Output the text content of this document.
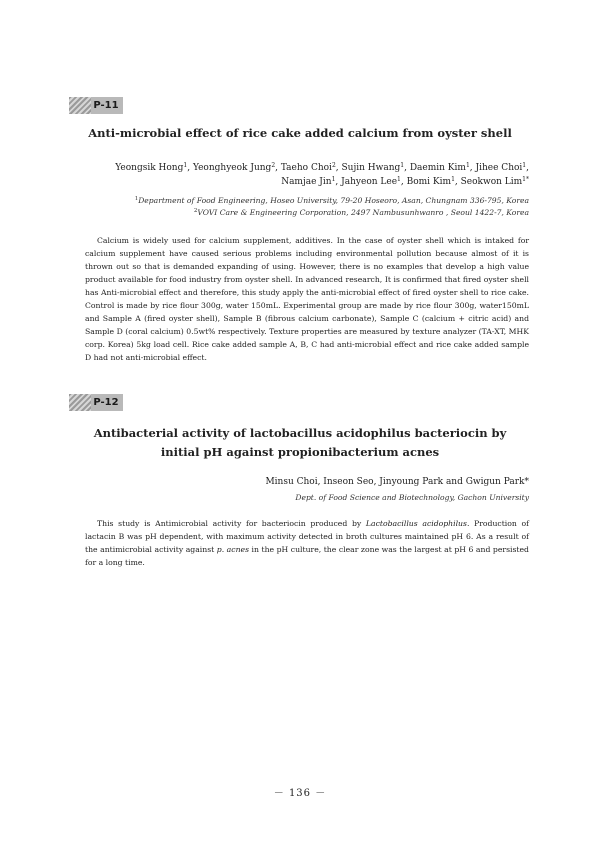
P-11
Anti-microbial effect of rice cake added calcium from oyster shell
Yeongsik Hong$^1$, Yeonghyeok Jung$^2$, Taeho Choi$^2$, Sujin Hwang$^1$, Daemin Kim$^1$, Jihee Choi$^1$,
Namjae Jin$^1$, Jahyeon Lee$^1$, Bomi Kim$^1$, Seokwon Lim$^{1*}$
$^1$Department of Food Engineering, Hoseo University, 79-20 Hoseoro, Asan, Chungnam 336-795, Korea
$^2$VOVI Care & Engineering Corporation, 2497 Nambusunhwanro , Seoul 1422-7, Korea
Calcium is widely used for calcium supplement, additives. In the case of oyster shell which is intaked for calcium supplement have caused serious problems including environmental pollution because almost of it is thrown out so that is demanded expanding of using. However, there is no examples that develop a high value product available for food industry from oyster shell. In advanced research, It is confirmed that fired oyster shell has Anti-microbial effect and therefore, this study apply the anti-microbial effect of fired oyster shell to rice cake. Control is made by rice flour 300g, water 150mL. Experimental group are made by rice flour 300g, water150mL and Sample A (fired oyster shell), Sample B (fibrous calcium carbonate), Sample C (calcium + citric acid) and Sample D (coral calcium) 0.5wt% respectively. Texture properties are measured by texture analyzer (TA-XT, MHK corp. Korea) 5kg load cell. Rice cake added sample A, B, C had anti-microbial effect and rice cake added sample D had not anti-microbial effect.
P-12
Antibacterial activity of lactobacillus acidophilus bacteriocin by
initial pH against propionibacterium acnes
Minsu Choi, Inseon Seo, Jinyoung Park and Gwigun Park*
Dept. of Food Science and Biotechnology, Gachon University
This study is Antimicrobial activity for bacteriocin produced by Lactobacillus acidophilus. Production of lactacin B was pH dependent, with maximum activity detected in broth cultures maintained pH 6. As a result of the antimicrobial activity against p. acnes in the pH culture, the clear zone was the largest at pH 6 and persisted for a long time.
－ 136 －
